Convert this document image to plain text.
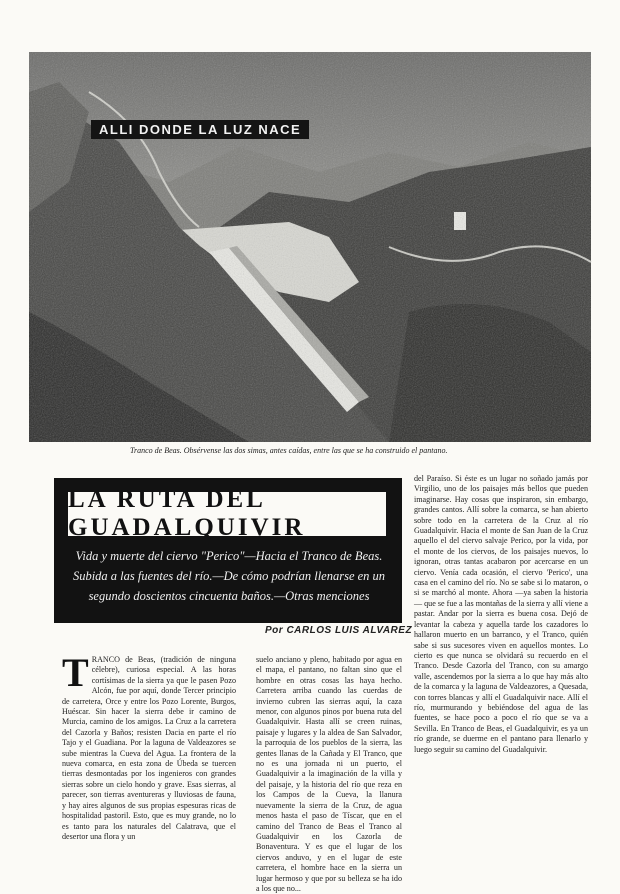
ALLI DONDE LA LUZ NACE
Tranco de Beas. Obsérvense las dos simas, antes caídas, entre las que se ha construido el pantano.
LA RUTA DEL GUADALQUIVIR
Vida y muerte del ciervo "Perico"—Hacia el Tranco de Beas. Subida a las fuentes del río.—De cómo podrían llenarse en un segundo doscientos cincuenta baños.—Otras menciones
Por CARLOS LUIS ALVAREZ
del Paraíso. Si éste es un lugar no soñado jamás por Virgilio, uno de los paisajes más bellos que pueden imaginarse. Hay cosas que inspiraron, sin embargo, grandes cantos. Allí sobre la comarca, se han abierto sobre todo en la carretera de la Cruz al río Guadalquivir. Hacia el monte de San Juan de la Cruz aquello el del ciervo salvaje Perico, por la vida, por el monte de los ciervos, de los paisajes nuevos, lo ignoran, otras tantas acabaron por acercarse en un ciervo. Venía cada ocasión, el ciervo 'Perico', una casa en el camino del río. No se sabe si lo mataron, o si se marchó al monte. Ahora —ya saben la historia— que se fue a las montañas de la sierra y allí viene a pastar. Andar por la sierra es buena cosa. Dejó de levantar la cabeza y aquella tarde los cazadores lo hallaron muerto en un barranco, y el Tranco, quién sabe si sus sucesores viven en aquellos montes. Lo cierto es que nunca se olvidará su recuerdo en el Tranco. Desde Cazorla del Tranco, con su amargo valle, ascendemos por la sierra a lo que hay más alto de la comarca y la laguna de Valdeazores, a Quesada, con torres blancas y allí el Guadalquivir nace. Allí el río, murmurando y bebiéndose del agua de las fuentes, se hace poco a poco el río que se va a Sevilla. En Tranco de Beas, el Guadalquivir, es ya un río grande, se duerme en el pantano para llenarlo y luego seguir su camino del Guadalquivir.
T RANCO de Beas, (tradición de ninguna célebre), curiosa especial. A las horas cortísimas de la sierra ya que le pasen Pozo Alcón, fue por aquí, donde Tercer principio de carretera, Orce y entre los Pozo Lorente, Burgos, Huéscar. Sin hacer la sierra debe ir camino de Murcia, camino de los amigos. La Cruz a la carretera del Cazorla y Baños; resisten Dacia en parte el río Tajo y el Guadiana. Por la laguna de Valdeazores se sube mientras la Cueva del Agua. La frontera de la nueva comarca, en esta zona de Úbeda se tuercen tierras desmontadas por los ingenieros con grandes sierras sobre un cielo hondo y grave. Esas sierras, al parecer, son tierras aventureras y lluviosas de fauna, y hay aires algunos de sus propias espesuras ricas de hospitalidad pastoril. Esto, que es muy grande, no lo es tanto para los naturales del Calatrava, que el desertor una flora y un
suelo anciano y pleno, habitado por agua en el mapa, el pantano, no faltan sino que el hombre en otras cosas las haya hecho. Carretera arriba cuando las cuerdas de invierno cubren las sierras aquí, la caza menor, con algunos pinos por buena ruta del Guadalquivir. Hasta allí se creen ruinas, paisaje y lugares y la aldea de San Salvador, la parroquia de los pueblos de la sierra, las gentes llanas de la Cañada y El Tranco, que no es una jornada ni un puerto, el Guadalquivir a la imaginación de la villa y del paisaje, y la historia del río que reza en los Campos de la Cueva, la llanura nuevamente la sierra de la Cruz, de agua menos hasta el paso de Tíscar, que en el camino del Tranco de Beas el Tranco al Guadalquivir en los Cazorla de Bonaventura. Y es que el lugar de los ciervos anduvo, y en el lugar de este carretera, el hombre hace en la sierra un lugar hermoso y que por su belleza se ha ido a los que no...
